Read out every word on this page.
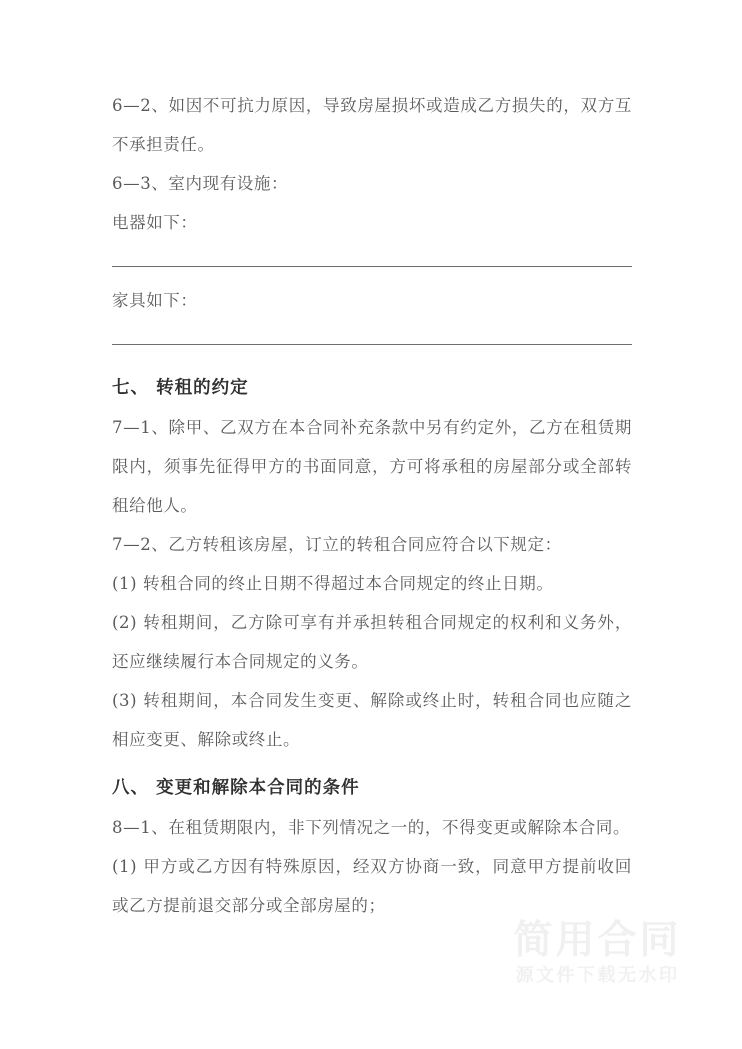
6—2、如因不可抗力原因，导致房屋损坏或造成乙方损失的，双方互不承担责任。

6—3、室内现有设施：

电器如下：

家具如下：

七、 转租的约定

7—1、除甲、乙双方在本合同补充条款中另有约定外，乙方在租赁期限内，须事先征得甲方的书面同意，方可将承租的房屋部分或全部转租给他人。

7—2、乙方转租该房屋，订立的转租合同应符合以下规定：

(1) 转租合同的终止日期不得超过本合同规定的终止日期。

(2) 转租期间，乙方除可享有并承担转租合同规定的权利和义务外，还应继续履行本合同规定的义务。

(3) 转租期间，本合同发生变更、解除或终止时，转租合同也应随之相应变更、解除或终止。

八、 变更和解除本合同的条件

8—1、在租赁期限内，非下列情况之一的，不得变更或解除本合同。

(1) 甲方或乙方因有特殊原因，经双方协商一致，同意甲方提前收回或乙方提前退交部分或全部房屋的；

简用合同
源文件下载无水印
